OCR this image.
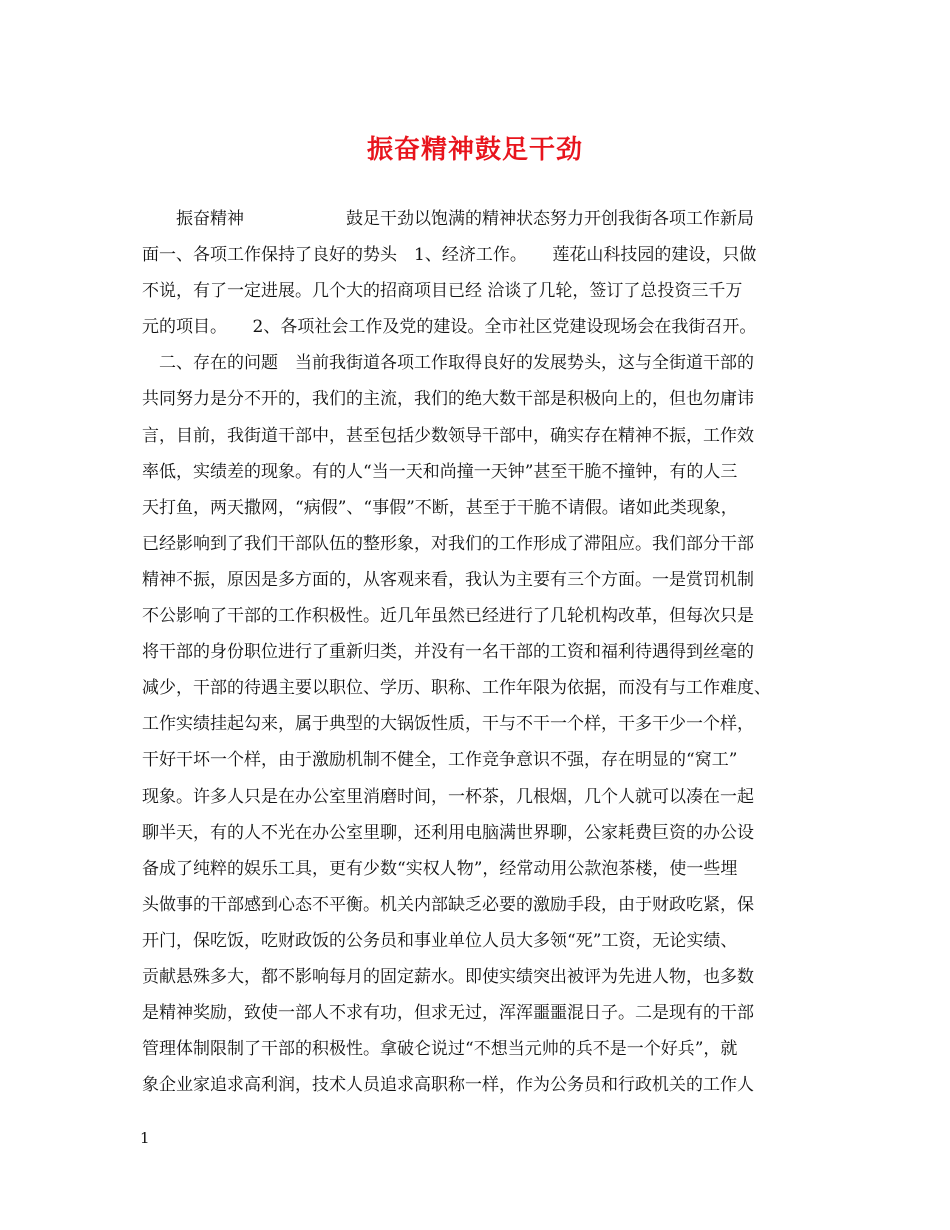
振奋精神鼓足干劲
　　振奋精神　　　　　　鼓足干劲以饱满的精神状态努力开创我街各项工作新局
面一、各项工作保持了良好的势头　1、经济工作。　　莲花山科技园的建设，只做
不说，有了一定进展。几个大的招商项目已经 洽谈了几轮，签订了总投资三千万
元的项目。　　2、各项社会工作及党的建设。全市社区党建设现场会在我街召开。
　二、存在的问题　当前我街道各项工作取得良好的发展势头，这与全街道干部的
共同努力是分不开的，我们的主流，我们的绝大数干部是积极向上的，但也勿庸讳
言，目前，我街道干部中，甚至包括少数领导干部中，确实存在精神不振，工作效
率低，实绩差的现象。有的人“当一天和尚撞一天钟”甚至干脆不撞钟，有的人三
天打鱼，两天撒网，“病假”、“事假”不断，甚至于干脆不请假。诸如此类现象，
已经影响到了我们干部队伍的整形象，对我们的工作形成了滞阻应。我们部分干部
精神不振，原因是多方面的，从客观来看，我认为主要有三个方面。一是赏罚机制
不公影响了干部的工作积极性。近几年虽然已经进行了几轮机构改革，但每次只是
将干部的身份职位进行了重新归类，并没有一名干部的工资和福利待遇得到丝毫的
减少，干部的待遇主要以职位、学历、职称、工作年限为依据，而没有与工作难度、
工作实绩挂起勾来，属于典型的大锅饭性质，干与不干一个样，干多干少一个样，
干好干坏一个样，由于激励机制不健全，工作竞争意识不强，存在明显的“窝工”
现象。许多人只是在办公室里消磨时间，一杯茶，几根烟，几个人就可以凑在一起
聊半天，有的人不光在办公室里聊，还利用电脑满世界聊，公家耗费巨资的办公设
备成了纯粹的娱乐工具，更有少数“实权人物”，经常动用公款泡茶楼，使一些埋
头做事的干部感到心态不平衡。机关内部缺乏必要的激励手段，由于财政吃紧，保
开门，保吃饭，吃财政饭的公务员和事业单位人员大多领“死”工资，无论实绩、
贡献悬殊多大，都不影响每月的固定薪水。即使实绩突出被评为先进人物，也多数
是精神奖励，致使一部人不求有功，但求无过，浑浑噩噩混日子。二是现有的干部
管理体制限制了干部的积极性。拿破仑说过“不想当元帅的兵不是一个好兵”，就
象企业家追求高利润，技术人员追求高职称一样，作为公务员和行政机关的工作人
1
